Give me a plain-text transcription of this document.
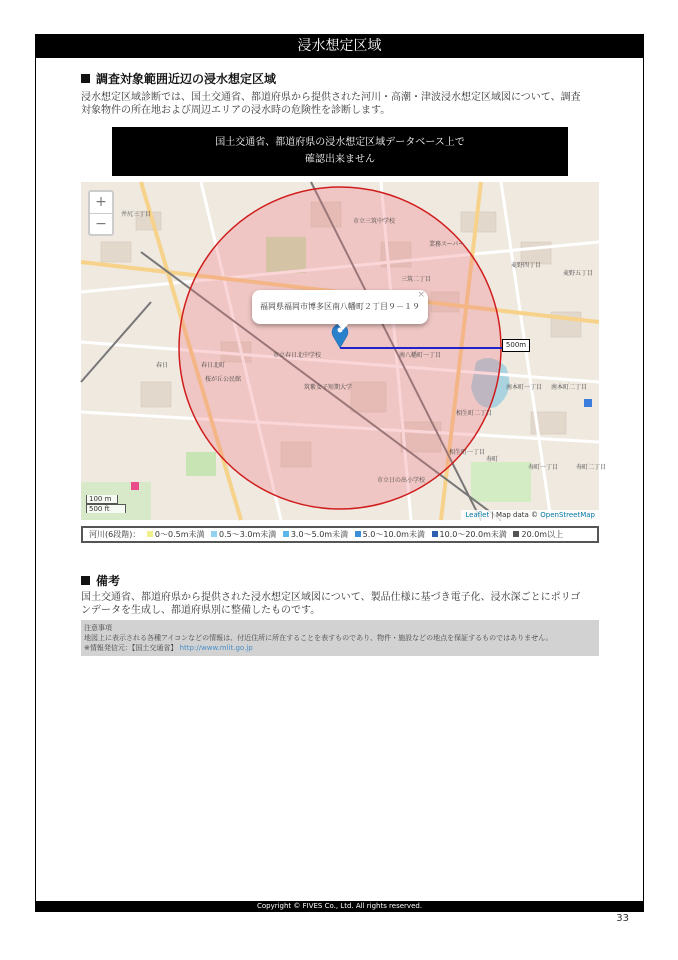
浸水想定区域
調査対象範囲近辺の浸水想定区域
浸水想定区域診断では、国土交通省、都道府県から提供された河川・高潮・津波浸水想定区域図について、調査
対象物件の所在地および周辺エリアの浸水時の危険性を診断します。
国土交通省、都道府県の浸水想定区域データベース上で
確認出来ません
井尻三丁目
市立三筑中学校
業務スーパー
三筑二丁目
市立春日北中学校
筑紫女子短期大学
南八幡町一丁目
相生町二丁目
相生町一丁目
市立日の出小学校
麦野四丁目
南本町一丁目
寿町
春日北町
桜が丘公民館
麦野五丁目
春日
南本町二丁目
寿町一丁目	寿町二丁目
+
−
福岡県福岡市博多区南八幡町２丁目９－１９
×
500m
100 m
500 ft
Leaflet | Map data © OpenStreetMap
河川(6段階)： 0〜0.5m未満 0.5〜3.0m未満 3.0〜5.0m未満 5.0〜10.0m未満 10.0〜20.0m未満 20.0m以上
備考
国土交通省、都道府県から提供された浸水想定区域図について、製品仕様に基づき電子化、浸水深ごとにポリゴ
ンデータを生成し、都道府県別に整備したものです。
注意事項
地図上に表示される各種アイコンなどの情報は、付近住所に所在することを表すものであり、物件・施設などの地点を保証するものではありません。
※情報発信元：【国土交通省】 http://www.mlit.go.jp
Copyright © FIVES Co., Ltd. All rights reserved.
33
